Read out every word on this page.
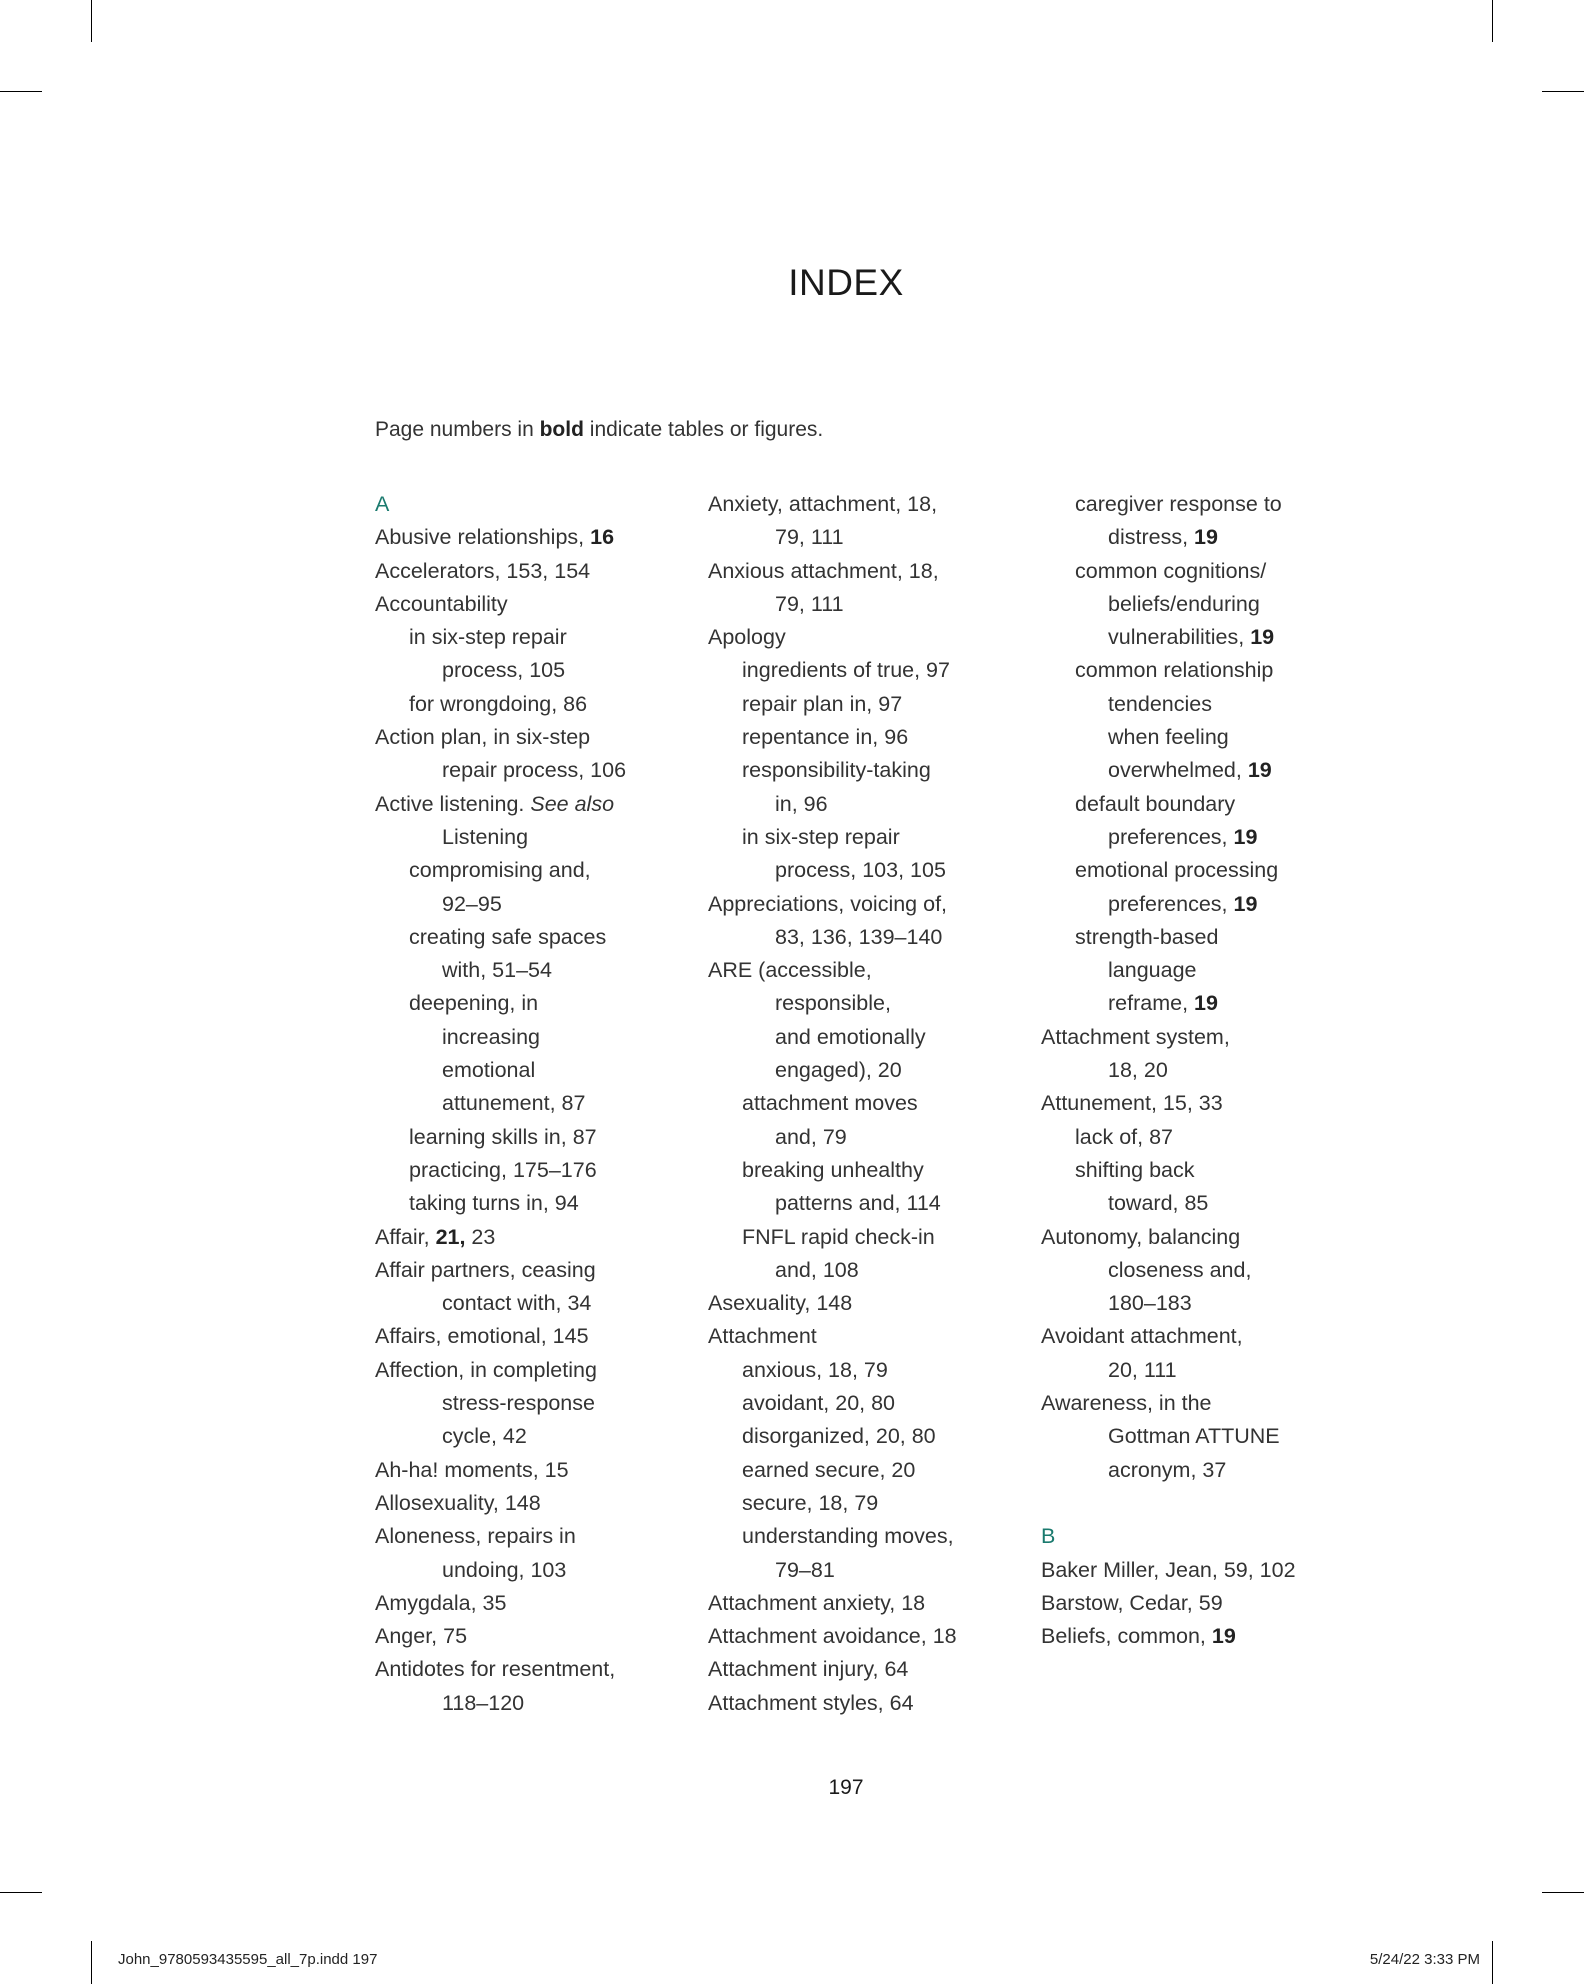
INDEX
Page numbers in bold indicate tables or figures.
A
Abusive relationships, 16
Accelerators, 153, 154
Accountability
in six-step repair
process, 105
for wrongdoing, 86
Action plan, in six-step
repair process, 106
Active listening. See also
Listening
compromising and,
92–95
creating safe spaces
with, 51–54
deepening, in
increasing
emotional
attunement, 87
learning skills in, 87
practicing, 175–176
taking turns in, 94
Affair, 21, 23
Affair partners, ceasing
contact with, 34
Affairs, emotional, 145
Affection, in completing
stress-response
cycle, 42
Ah-ha! moments, 15
Allosexuality, 148
Aloneness, repairs in
undoing, 103
Amygdala, 35
Anger, 75
Antidotes for resentment,
118–120
Anxiety, attachment, 18,
79, 111
Anxious attachment, 18,
79, 111
Apology
ingredients of true, 97
repair plan in, 97
repentance in, 96
responsibility-taking
in, 96
in six-step repair
process, 103, 105
Appreciations, voicing of,
83, 136, 139–140
ARE (accessible,
responsible,
and emotionally
engaged), 20
attachment moves
and, 79
breaking unhealthy
patterns and, 114
FNFL rapid check-in
and, 108
Asexuality, 148
Attachment
anxious, 18, 79
avoidant, 20, 80
disorganized, 20, 80
earned secure, 20
secure, 18, 79
understanding moves,
79–81
Attachment anxiety, 18
Attachment avoidance, 18
Attachment injury, 64
Attachment styles, 64
caregiver response to
distress, 19
common cognitions/
beliefs/enduring
vulnerabilities, 19
common relationship
tendencies
when feeling
overwhelmed, 19
default boundary
preferences, 19
emotional processing
preferences, 19
strength-based
language
reframe, 19
Attachment system,
18, 20
Attunement, 15, 33
lack of, 87
shifting back
toward, 85
Autonomy, balancing
closeness and,
180–183
Avoidant attachment,
20, 111
Awareness, in the
Gottman ATTUNE
acronym, 37
B
Baker Miller, Jean, 59, 102
Barstow, Cedar, 59
Beliefs, common, 19
197
John_9780593435595_all_7p.indd 197	5/24/22 3:33 PM
